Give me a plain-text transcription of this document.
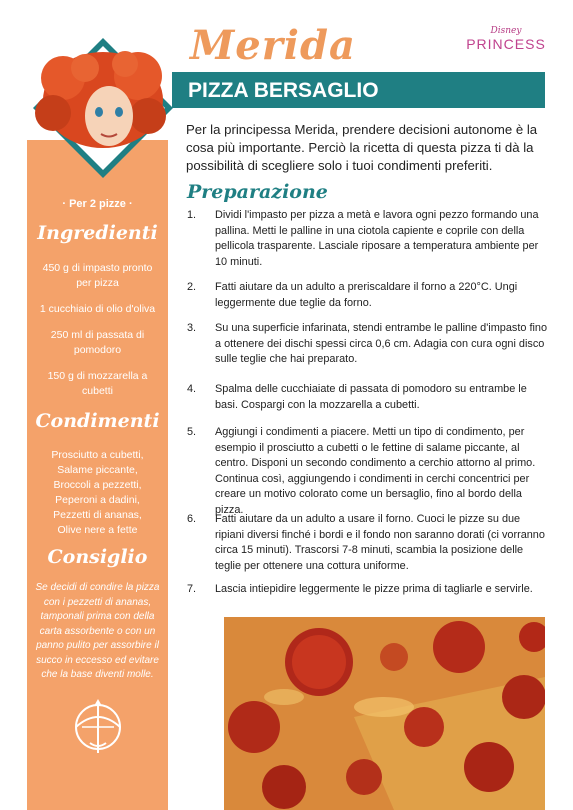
Merida	Disney
PRINCESS
PIZZA BERSAGLIO
Per la principessa Merida, prendere decisioni autonome è la cosa più importante. Perciò la ricetta di questa pizza ti dà la possibilità di scegliere solo i tuoi condimenti preferiti.
Preparazione
1.	Dividi l'impasto per pizza a metà e lavora ogni pezzo formando una pallina. Metti le palline in una ciotola capiente e coprile con della pellicola trasparente. Lasciale riposare a temperatura ambiente per 10 minuti.
2.	Fatti aiutare da un adulto a preriscaldare il forno a 220°C. Ungi leggermente due teglie da forno.
3.	Su una superficie infarinata, stendi entrambe le palline d'impasto fino a ottenere dei dischi spessi circa 0,6 cm. Adagia con cura ogni disco sulle teglie che hai preparato.
4.	Spalma delle cucchiaiate di passata di pomodoro su entrambe le basi. Cospargi con la mozzarella a cubetti.
5.	Aggiungi i condimenti a piacere. Metti un tipo di condimento, per esempio il prosciutto a cubetti o le fettine di salame piccante, al centro. Disponi un secondo condimento a cerchio attorno al primo. Continua così, aggiungendo i condimenti in cerchi concentrici per creare un motivo colorato come un bersaglio, fino al bordo della pizza.
6.	Fatti aiutare da un adulto a usare il forno. Cuoci le pizze su due ripiani diversi finché i bordi e il fondo non saranno dorati (ci vorranno circa 15 minuti). Trascorsi 7-8 minuti, scambia la posizione delle teglie per ottenere una cottura uniforme.
7.	Lascia intiepidire leggermente le pizze prima di tagliarle e servirle.
· Per 2 pizze ·
Ingredienti
450 g di impasto pronto per pizza
1 cucchiaio di olio d'oliva
250 ml di passata di pomodoro
150 g di mozzarella a cubetti
Condimenti
Prosciutto a cubetti,
Salame piccante,
Broccoli a pezzetti,
Peperoni a dadini,
Pezzetti di ananas,
Olive nere a fette
Consiglio
Se decidi di condire la pizza con i pezzetti di ananas, tamponali prima con della carta assorbente o con un panno pulito per assorbire il succo in eccesso ed evitare che la base diventi molle.
